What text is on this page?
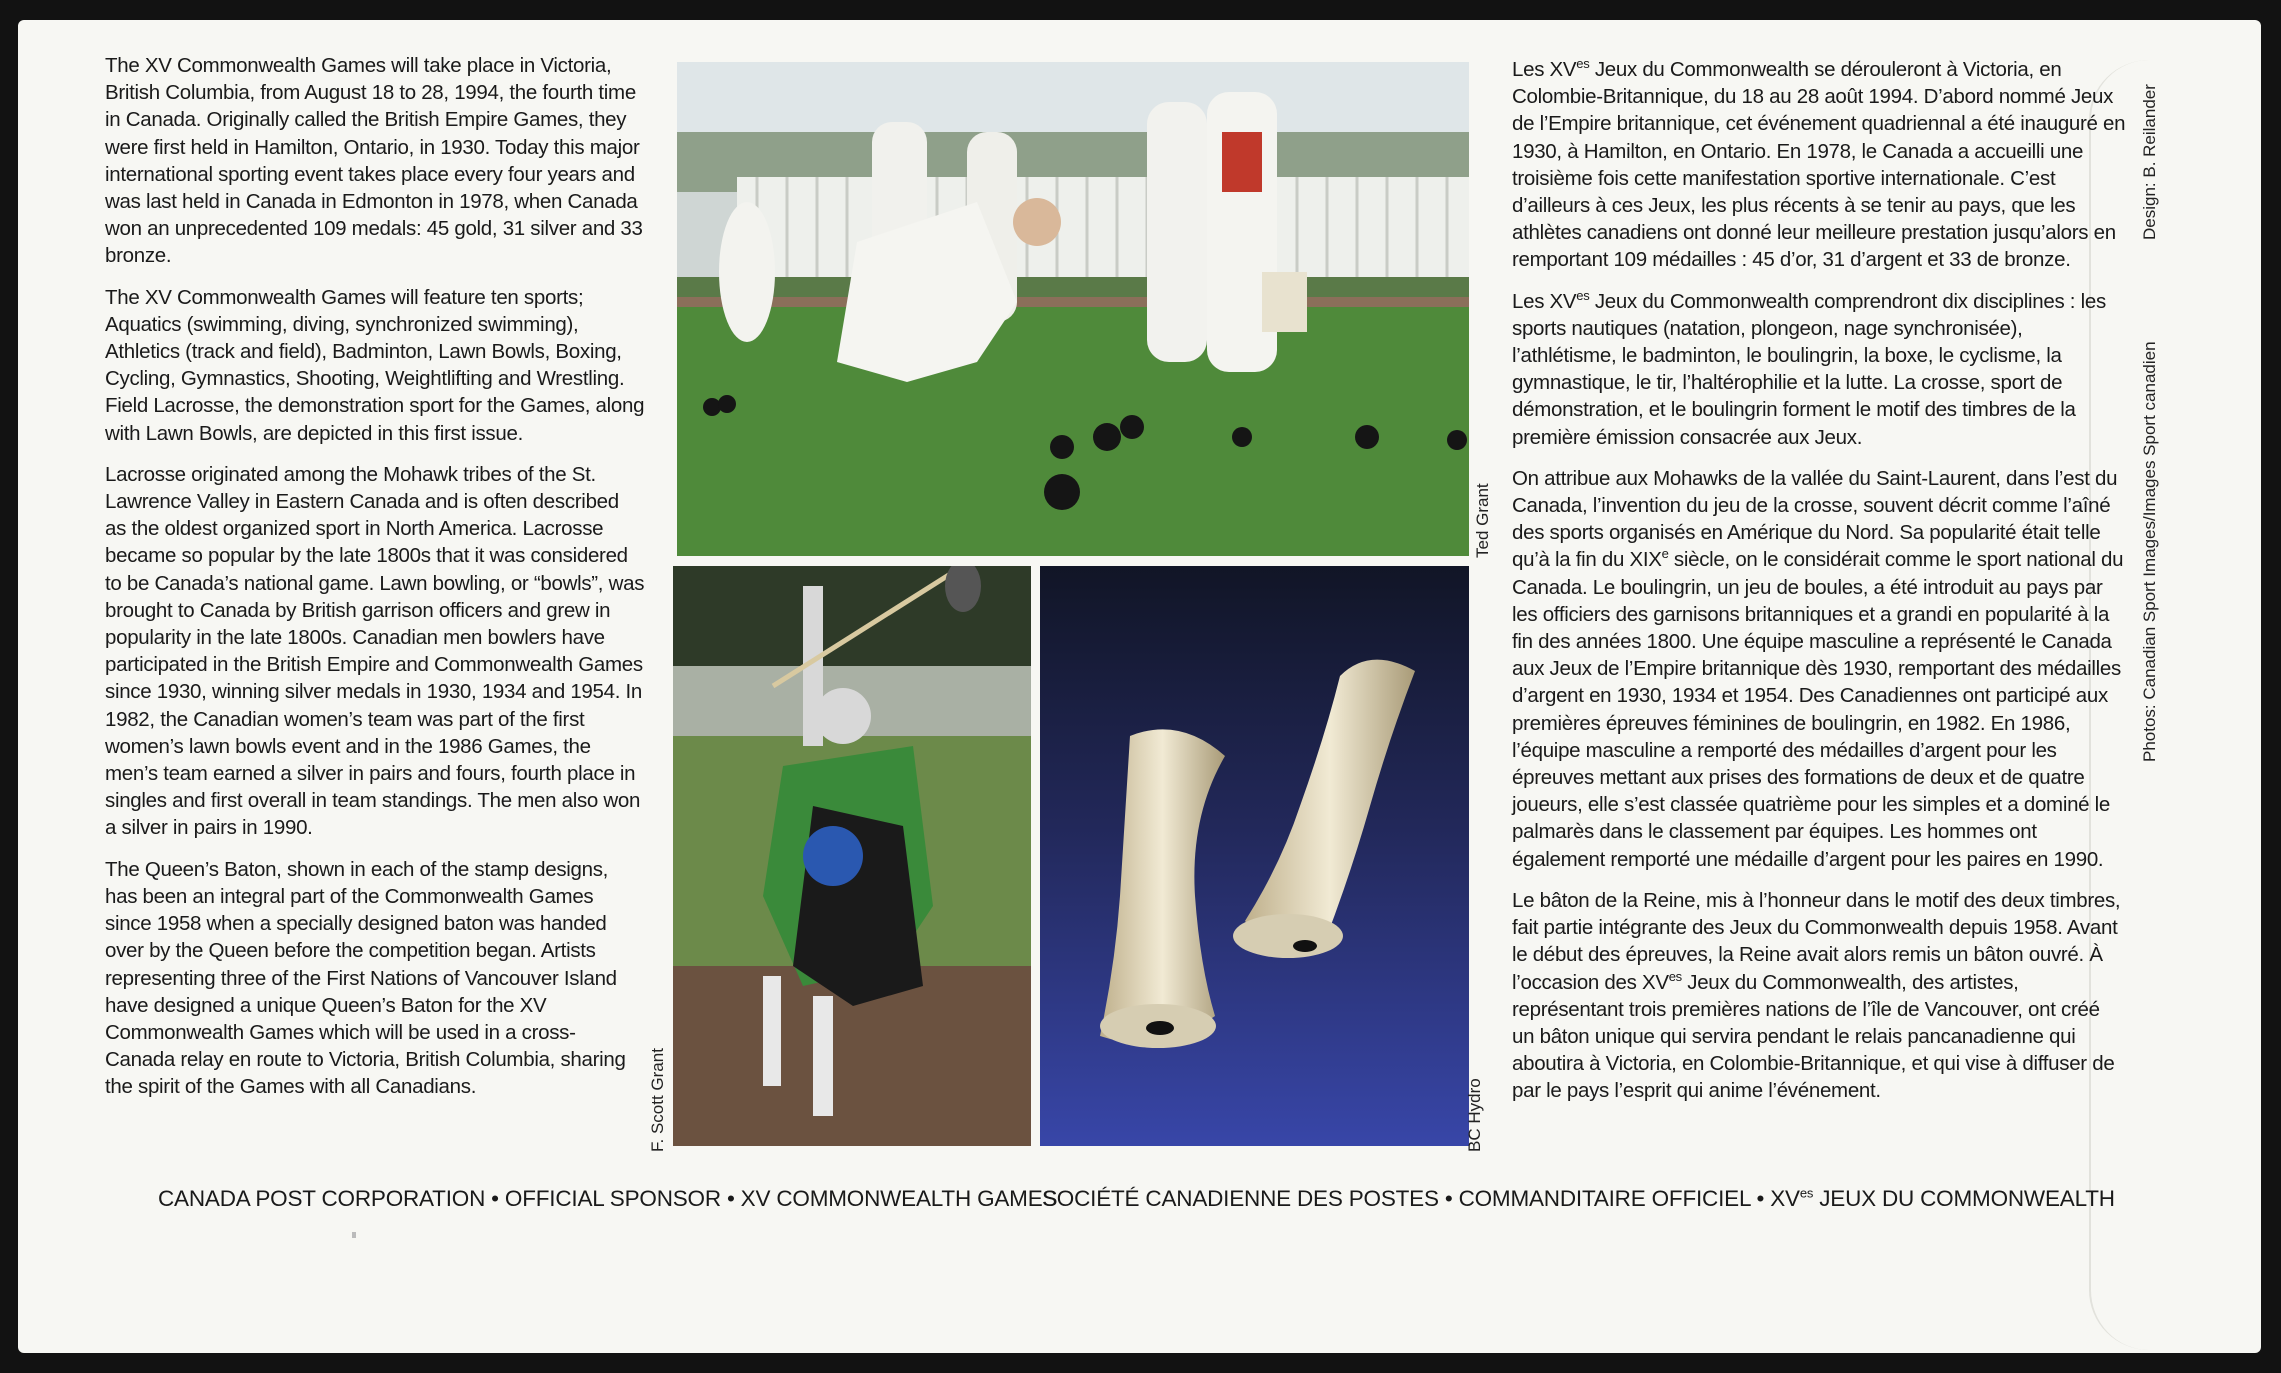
The XV Commonwealth Games will take place in Victoria, British Columbia, from August 18 to 28, 1994, the fourth time in Canada. Originally called the British Empire Games, they were first held in Hamilton, Ontario, in 1930. Today this major international sporting event takes place every four years and was last held in Canada in Edmonton in 1978, when Canada won an unprecedented 109 medals: 45 gold, 31 silver and 33 bronze.

The XV Commonwealth Games will feature ten sports; Aquatics (swimming, diving, synchronized swimming), Athletics (track and field), Badminton, Lawn Bowls, Boxing, Cycling, Gymnastics, Shooting, Weightlifting and Wrestling. Field Lacrosse, the demonstration sport for the Games, along with Lawn Bowls, are depicted in this first issue.

Lacrosse originated among the Mohawk tribes of the St. Lawrence Valley in Eastern Canada and is often described as the oldest organized sport in North America. Lacrosse became so popular by the late 1800s that it was considered to be Canada’s national game. Lawn bowling, or “bowls”, was brought to Canada by British garrison officers and grew in popularity in the late 1800s. Canadian men bowlers have participated in the British Empire and Commonwealth Games since 1930, winning silver medals in 1930, 1934 and 1954. In 1982, the Canadian women’s team was part of the first women’s lawn bowls event and in the 1986 Games, the men’s team earned a silver in pairs and fours, fourth place in singles and first overall in team standings. The men also won a silver in pairs in 1990.

The Queen’s Baton, shown in each of the stamp designs, has been an integral part of the Commonwealth Games since 1958 when a specially designed baton was handed over by the Queen before the competition began. Artists representing three of the First Nations of Vancouver Island have designed a unique Queen’s Baton for the XV Commonwealth Games which will be used in a cross-Canada relay en route to Victoria, British Columbia, sharing the spirit of the Games with all Canadians.

Ted Grant
F. Scott Grant	BC Hydro
Design: B. Reilander
Photos: Canadian Sport Images/Images Sport canadien

Les $XV^{es}$ Jeux du Commonwealth se dérouleront à Victoria, en Colombie-Britannique, du 18 au 28 août 1994. D’abord nommé Jeux de l’Empire britannique, cet événement quadriennal a été inauguré en 1930, à Hamilton, en Ontario. En 1978, le Canada a accueilli une troisième fois cette manifestation sportive internationale. C’est d’ailleurs à ces Jeux, les plus récents à se tenir au pays, que les athlètes canadiens ont donné leur meilleure prestation jusqu’alors en remportant 109 médailles : 45 d’or, 31 d’argent et 33 de bronze.

Les $XV^{es}$ Jeux du Commonwealth comprendront dix disciplines : les sports nautiques (natation, plongeon, nage synchronisée), l’athlétisme, le badminton, le boulingrin, la boxe, le cyclisme, la gymnastique, le tir, l’haltérophilie et la lutte. La crosse, sport de démonstration, et le boulingrin forment le motif des timbres de la première émission consacrée aux Jeux.

On attribue aux Mohawks de la vallée du Saint-Laurent, dans l’est du Canada, l’invention du jeu de la crosse, souvent décrit comme l’aîné des sports organisés en Amérique du Nord. Sa popularité était telle qu’à la fin du XIXe siècle, on le considérait comme le sport national du Canada. Le boulingrin, un jeu de boules, a été introduit au pays par les officiers des garnisons britanniques et a grandi en popularité à la fin des années 1800. Une équipe masculine a représenté le Canada aux Jeux de l’Empire britannique dès 1930, remportant des médailles d’argent en 1930, 1934 et 1954. Des Canadiennes ont participé aux premières épreuves féminines de boulingrin, en 1982. En 1986, l’équipe masculine a remporté des médailles d’argent pour les épreuves mettant aux prises des formations de deux et de quatre joueurs, elle s’est classée quatrième pour les simples et a dominé le palmarès dans le classement par équipes. Les hommes ont également remporté une médaille d’argent pour les paires en 1990.

Le bâton de la Reine, mis à l’honneur dans le motif des deux timbres, fait partie intégrante des Jeux du Commonwealth depuis 1958. Avant le début des épreuves, la Reine avait alors remis un bâton ouvré. À l’occasion des $XV^{es}$ Jeux du Commonwealth, des artistes, représentant trois premières nations de l’île de Vancouver, ont créé un bâton unique qui servira pendant le relais pancanadienne qui aboutira à Victoria, en Colombie-Britannique, et qui vise à diffuser de par le pays l’esprit qui anime l’événement.

CANADA POST CORPORATION • OFFICIAL SPONSOR • XV COMMONWEALTH GAMES
SOCIÉTÉ CANADIENNE DES POSTES • COMMANDITAIRE OFFICIEL • $XV^{es}$ JEUX DU COMMONWEALTH
